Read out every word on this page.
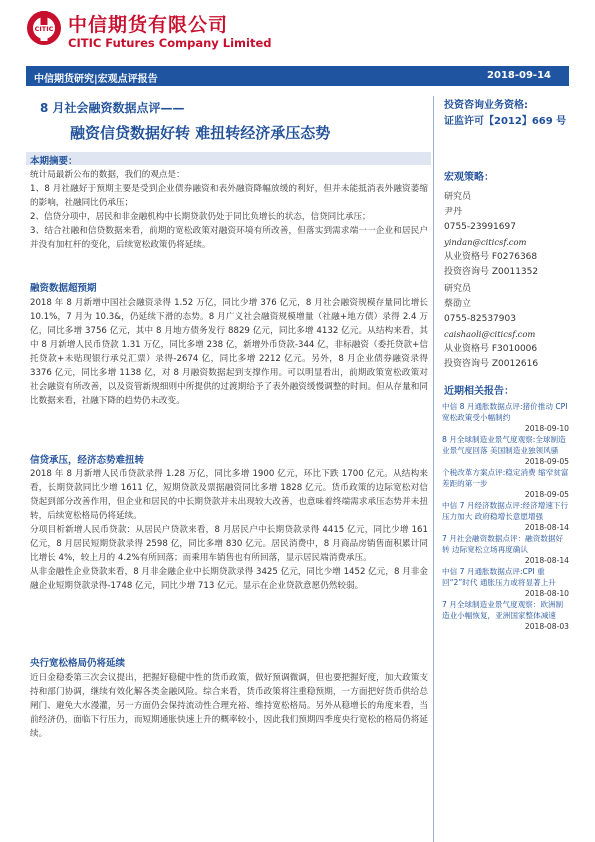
CITIC 中信期货有限公司
CITIC Futures Company Limited
中信期货研究|宏观点评报告	2018-09-14
8 月社会融资数据点评——
融资信贷数据好转 难扭转经济承压态势
本期摘要：

统计局最新公布的数据，我们的观点是：

1、8 月社融好于预期主要是受到企业债券融资和表外融资降幅放缓的利好，但并未能抵消表外融资萎缩的影响，社融同比仍承压；

2、信贷分项中，居民和非金融机构中长期贷款仍处于同比负增长的状态，信贷同比承压；

3、结合社融和信贷数据来看，前期的宽松政策对融资环境有所改善，但落实到需求端一一企业和居民户并没有加杠杆的变化，后续宽松政策仍将延续。

融资数据超预期

2018 年 8 月新增中国社会融资录得 1.52 万亿，同比少增 376 亿元，8 月社会融资规模存量同比增长 10.1%，7 月为 10.3&，仍延续下滑的态势。8 月广义社会融资规模增量（社融+地方债）录得 2.4 万亿，同比多增 3756 亿元，其中 8 月地方债务发行 8829 亿元，同比多增 4132 亿元。从结构来看，其中 8 月新增人民币贷款 1.31 万亿，同比多增 238 亿，新增外币贷款-344 亿，非标融资（委托贷款+信托贷款+未贴现银行承兑汇票）录得-2674 亿，同比多增 2212 亿元。另外，8 月企业债券融资录得 3376 亿元，同比多增 1138 亿，对 8 月融资数据起到支撑作用。可以明显看出，前期政策宽松政策对社会融资有所改善，以及资管新规细则中所提供的过渡期给予了表外融资缓慢调整的时间。但从存量和同比数据来看，社融下降的趋势仍未改变。

信贷承压，经济态势难扭转

2018 年 8 月新增人民币贷款录得 1.28 万亿，同比多增 1900 亿元，环比下跌 1700 亿元。从结构来看，长期贷款同比少增 1611 亿，短期贷款及票据融资同比多增 1828 亿元。货币政策的边际宽松对信贷起到部分改善作用，但企业和居民的中长期贷款并未出现较大改善，也意味着终端需求承压态势并未扭转，后续宽松格局仍将延续。

分项目析新增人民币贷款：从居民户贷款来看，8 月居民户中长期贷款录得 4415 亿元，同比少增 161 亿元，8 月居民短期贷款录得 2598 亿，同比多增 830 亿元。居民消费中，8 月商品房销售面积累计同比增长 4%，较上月的 4.2%有所回落；而乘用车销售也有所回落，显示居民端消费承压。

从非金融性企业贷款来看，8 月非金融企业中长期贷款录得 3425 亿元，同比少增 1452 亿元，8 月非金融企业短期贷款录得-1748 亿元，同比少增 713 亿元。显示在企业贷款意愿仍然较弱。

央行宽松格局仍将延续

近日金稳委第三次会议提出，把握好稳健中性的货币政策，做好预调微调，但也要把握好度，加大政策支持和部门协调，继续有效化解各类金融风险。综合来看，货币政策将注重稳预期，一方面把好货币供给总闸门、避免大水漫灌，另一方面仍会保持流动性合理充裕、维持宽松格局。另外从稳增长的角度来看，当前经济仍，面临下行压力，而短期通胀快速上升的概率较小，因此我们预期四季度央行宽松的格局仍将延续。

投资咨询业务资格:
证监许可【2012】669 号
宏观策略：
研究员
尹丹
0755-23991697
yindan@citicsf.com
从业资格号 F0276368
投资咨询号 Z0011352
研究员
蔡劭立
0755-82537903
caishaoli@citicsf.com
从业资格号 F3010006
投资咨询号 Z0012616
近期相关报告：
中信 8 月通胀数据点评:猪价推动 CPI 宽松政策受小幅制约
2018-09-10
8 月全球制造业景气度观察:全球制造业景气度回落 美国制造业独领风骚
2018-09-05
个税改革方案点评:稳定消费 缩窄贫富差距的第一步
2018-09-05
中信 7 月经济数据点评:经济增速下行压力加大 政府稳增长意愿增强
2018-08-14
7 月社会融资数据点评：融资数据好转 边际宽松立场再度确认
2018-08-14
中信 7 月通胀数据点评:CPI 重回“2”时代 通胀压力或将显著上升
2018-08-10
7 月全球制造业景气度观察：欧洲制造业小幅恢复，亚洲国家整体减速
2018-08-03
